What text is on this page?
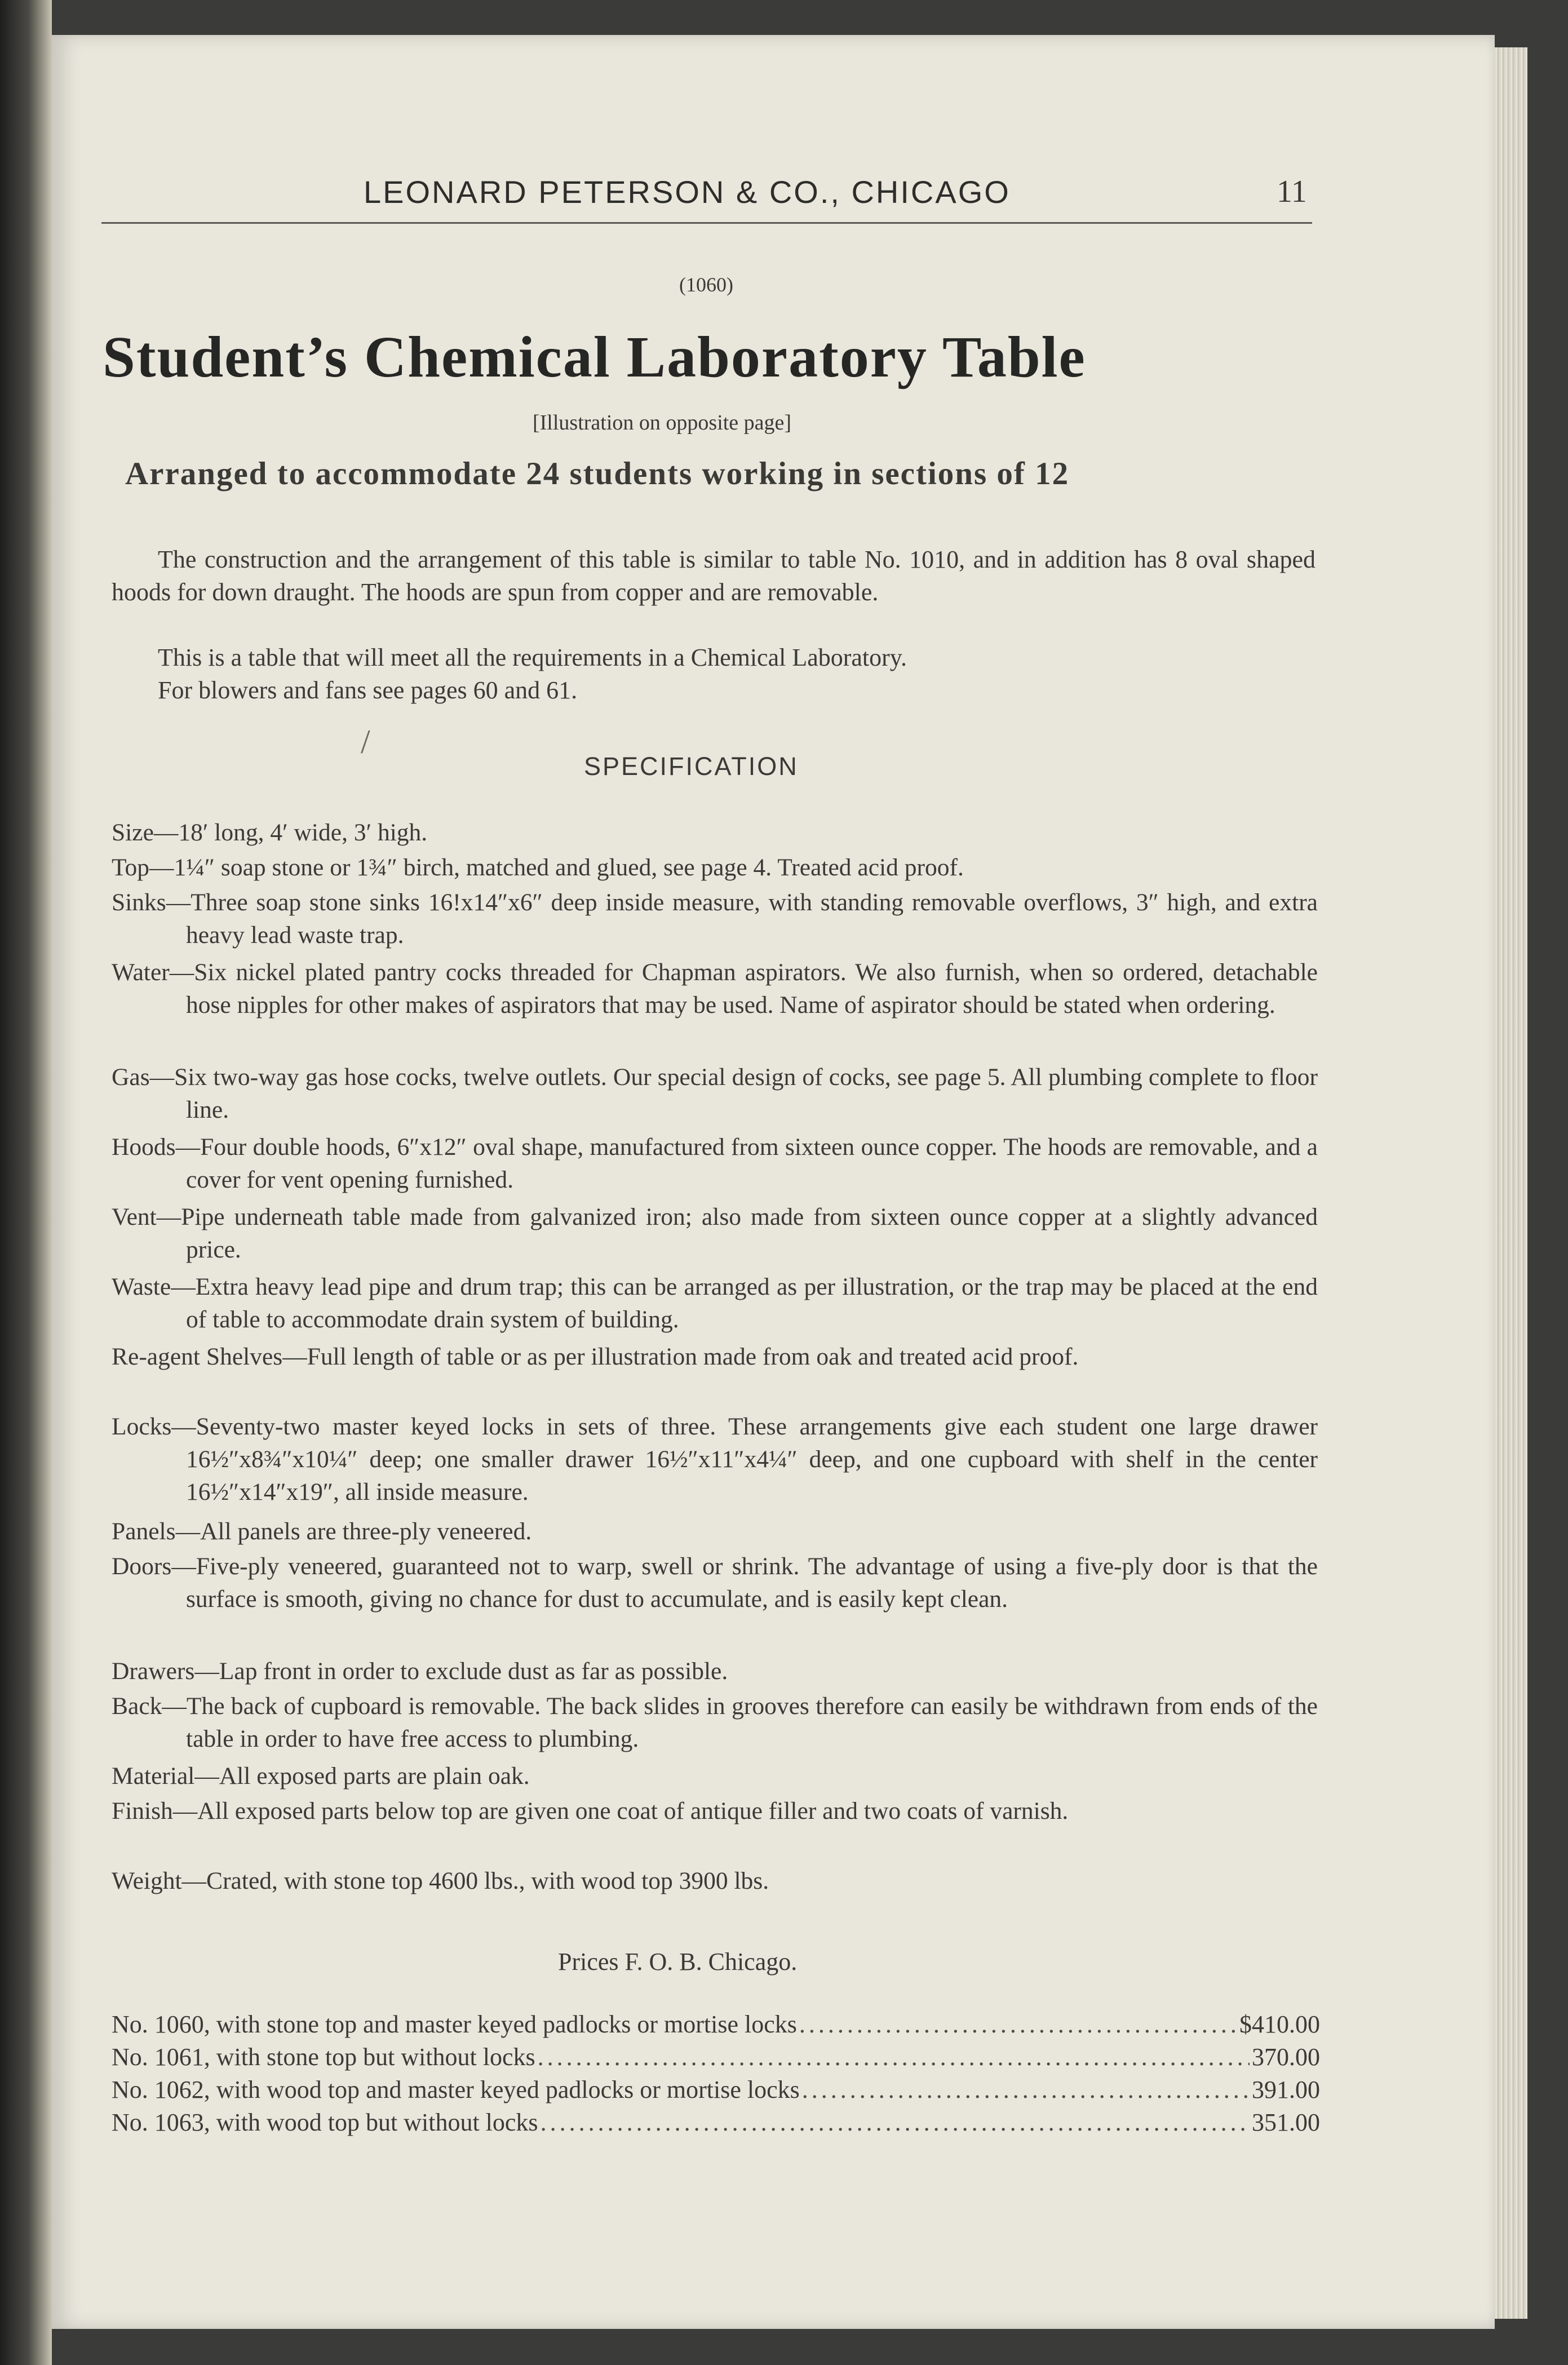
LEONARD PETERSON & CO., CHICAGO	11
(1060)
Student’s Chemical Laboratory Table
[Illustration on opposite page]
Arranged to accommodate 24 students working in sections of 12

The construction and the arrangement of this table is similar to table No. 1010, and in addition has 8 oval shaped hoods for down draught. The hoods are spun from copper and are removable.

This is a table that will meet all the requirements in a Chemical Laboratory.

For blowers and fans see pages 60 and 61.

/
SPECIFICATION

Size—18′ long, 4′ wide, 3′ high.

Top—1¼″ soap stone or 1¾″ birch, matched and glued, see page 4. Treated acid proof.

Sinks—Three soap stone sinks 16!x14″x6″ deep inside measure, with standing removable overflows, 3″ high, and extra heavy lead waste trap.

Water—Six nickel plated pantry cocks threaded for Chapman aspirators. We also furnish, when so ordered, detachable hose nipples for other makes of aspirators that may be used. Name of aspirator should be stated when ordering.

Gas—Six two-way gas hose cocks, twelve outlets. Our special design of cocks, see page 5. All plumbing complete to floor line.

Hoods—Four double hoods, 6″x12″ oval shape, manufactured from sixteen ounce copper. The hoods are removable, and a cover for vent opening furnished.

Vent—Pipe underneath table made from galvanized iron; also made from sixteen ounce copper at a slightly advanced price.

Waste—Extra heavy lead pipe and drum trap; this can be arranged as per illustration, or the trap may be placed at the end of table to accommodate drain system of building.

Re-agent Shelves—Full length of table or as per illustration made from oak and treated acid proof.

Locks—Seventy-two master keyed locks in sets of three. These arrangements give each student one large drawer 16½″x8¾″x10¼″ deep; one smaller drawer 16½″x11″x4¼″ deep, and one cupboard with shelf in the center 16½″x14″x19″, all inside measure.

Panels—All panels are three-ply veneered.

Doors—Five-ply veneered, guaranteed not to warp, swell or shrink. The advantage of using a five-ply door is that the surface is smooth, giving no chance for dust to accumulate, and is easily kept clean.

Drawers—Lap front in order to exclude dust as far as possible.

Back—The back of cupboard is removable. The back slides in grooves therefore can easily be withdrawn from ends of the table in order to have free access to plumbing.

Material—All exposed parts are plain oak.

Finish—All exposed parts below top are given one coat of antique filler and two coats of varnish.

Weight—Crated, with stone top 4600 lbs., with wood top 3900 lbs.

Prices F. O. B. Chicago.
No. 1060, with stone top and master keyed padlocks or mortise locks .....	$410.00
No. 1061, with stone top but without locks .....	370.00
No. 1062, with wood top and master keyed padlocks or mortise locks .....	391.00
No. 1063, with wood top but without locks .....	351.00
